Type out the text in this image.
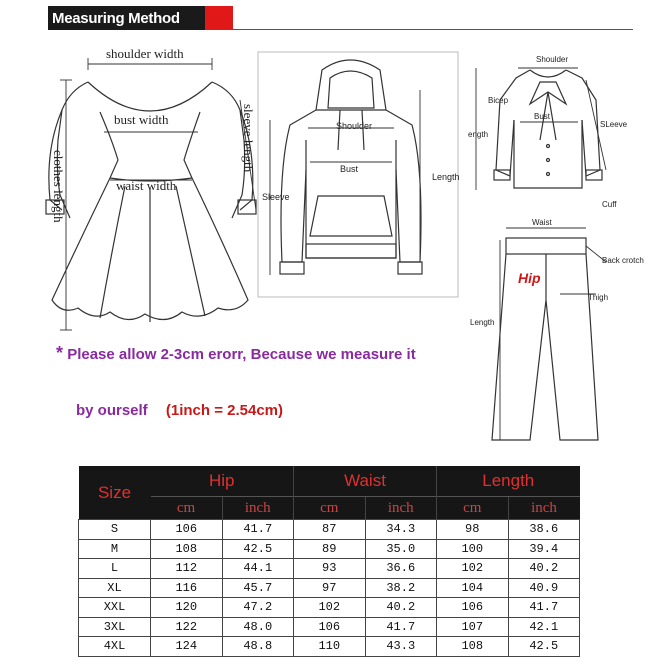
Measuring Method
shoulder width
bust width
waist width
sleeve length
clothes length
Shoulder
Bust
Length
Sleeve
Shoulder
Bicep
Bust
SLeeve
ength
Cuff
Waist
Back crotch
Hip
Thigh
Length
* Please allow 2-3cm erorr, Because we measure it
by ourself (1inch = 2.54cm)
Size	Hip		Waist		Length	
	cm	inch	cm	inch	cm	inch
S	106	41.7	87	34.3	98	38.6
M	108	42.5	89	35.0	100	39.4
L	112	44.1	93	36.6	102	40.2
XL	116	45.7	97	38.2	104	40.9
XXL	120	47.2	102	40.2	106	41.7
3XL	122	48.0	106	41.7	107	42.1
4XL	124	48.8	110	43.3	108	42.5
